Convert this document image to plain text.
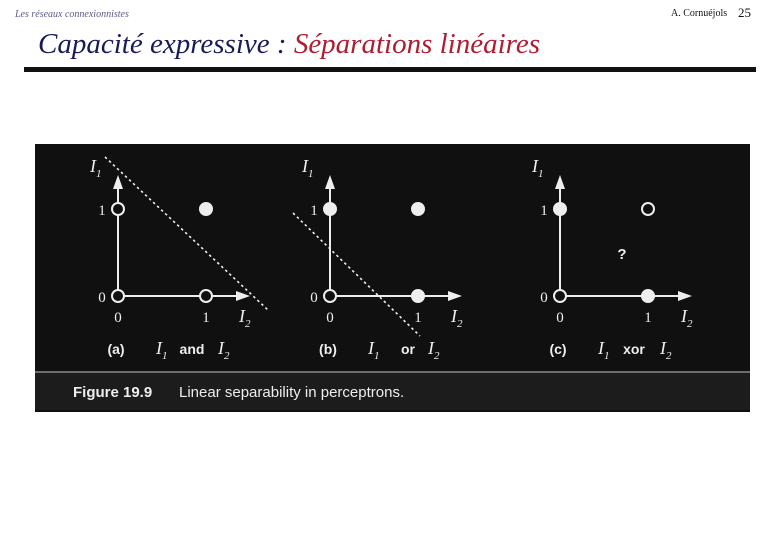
Les réseaux connexionnistes	A. Cornuéjols 25
Capacité expressive : Séparations linéaires
0
1
0	1
(a)	and
$I_1$
$I_2$
$I_1$	$I_2$
0
1
0	1
(b)	or
$I_1$
$I_2$
$I_1$	$I_2$
0
1
0	1
?
(c)	xor
$I_1$
$I_2$
$I_1$	$I_2$
Figure 19.9 Linear separability in perceptrons.
